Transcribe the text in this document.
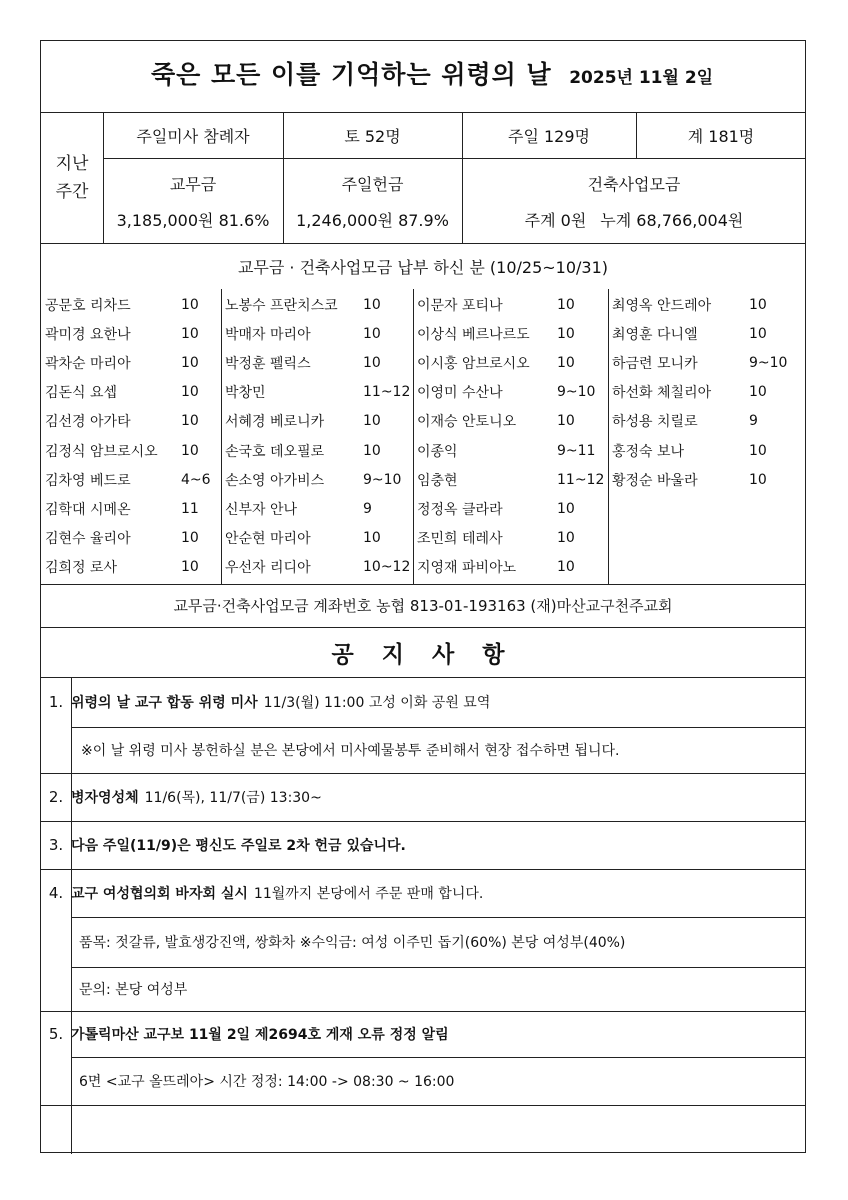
죽은 모든 이를 기억하는 위령의 날 2025년 11월 2일
지난
주간
주일미사 참례자	토 52명	주일 129명	계 181명
교무금
3,185,000원 81.6%
주일헌금
1,246,000원 87.9%
건축사업모금
주계 0원 누계 68,766,004원
교무금 · 건축사업모금 납부 하신 분 (10/25~10/31)
공문호 리차드	10
곽미경 요한나	10
곽차순 마리아	10
김돈식 요셉	10
김선경 아가타	10
김정식 암브로시오 10
김차영 베드로	4~6
김학대 시메온	11
김현수 율리아	10
김희정 로사	10
노봉수 프란치스코 10
박매자 마리아	10
박정훈 펠릭스	10
박창민	11~12
서혜경 베로니카	10
손국호 데오필로	10
손소영 아가비스	9~10
신부자 안나	9
안순현 마리아	10
우선자 리디아	10~12
이문자 포티나	10
이상식 베르나르도 10
이시홍 암브로시오 10
이영미 수산나	9~10
이재승 안토니오	10
이종익	9~11
임충현	11~12
정정옥 클라라	10
조민희 테레사	10
지영재 파비아노	10
최영옥 안드레아	10
최영훈 다니엘	10
하금련 모니카	9~10
하선화 체칠리아	10
하성용 치릴로	9
홍정숙 보나	10
황정순 바울라	10
교무금·건축사업모금 계좌번호 농협 813-01-193163 (재)마산교구천주교회
공 지 사 항
1. 위령의 날 교구 합동 위령 미사 11/3(월) 11:00 고성 이화 공원 묘역
※이 날 위령 미사 봉헌하실 분은 본당에서 미사예물봉투 준비해서 현장 접수하면 됩니다.
2. 병자영성체 11/6(목), 11/7(금) 13:30~
3. 다음 주일(11/9)은 평신도 주일로 2차 헌금 있습니다.
4. 교구 여성협의회 바자회 실시 11월까지 본당에서 주문 판매 합니다.
품목: 젓갈류, 발효생강진액, 쌍화차 ※수익금: 여성 이주민 돕기(60%) 본당 여성부(40%)
문의: 본당 여성부
5. 가톨릭마산 교구보 11월 2일 제2694호 게재 오류 정정 알림
6면 <교구 올뜨레아> 시간 정정: 14:00 -> 08:30 ~ 16:00
